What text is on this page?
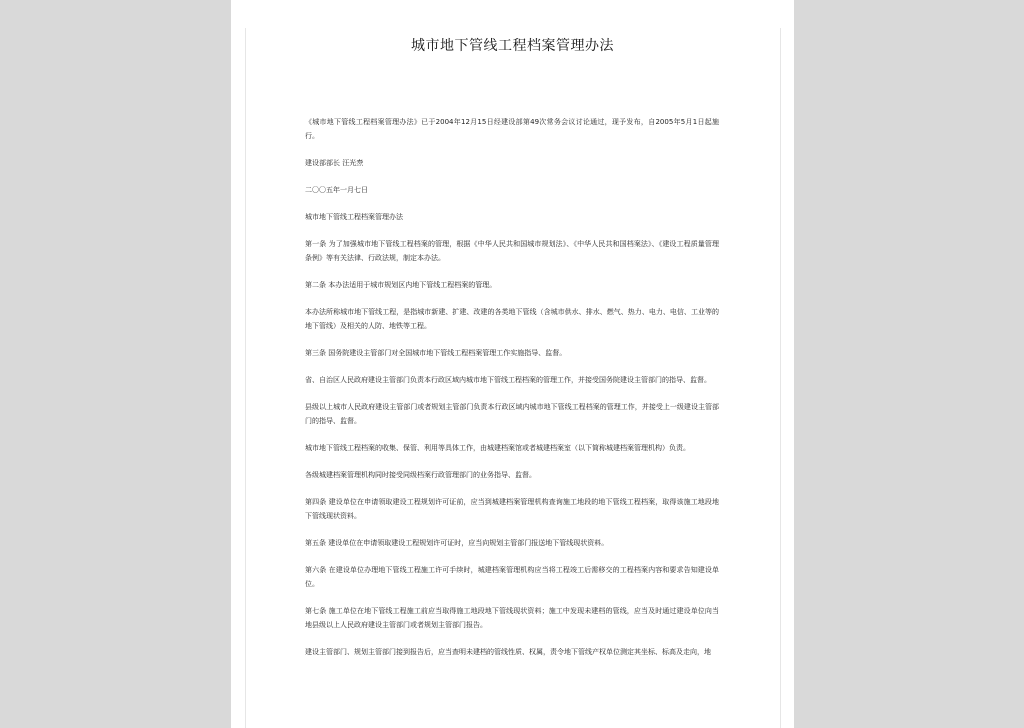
城市地下管线工程档案管理办法

《城市地下管线工程档案管理办法》已于2004年12月15日经建设部第49次常务会议讨论通过，现予发布，自2005年5月1日起施行。

建设部部长 汪光焘

二〇〇五年一月七日

城市地下管线工程档案管理办法

第一条 为了加强城市地下管线工程档案的管理，根据《中华人民共和国城市规划法》、《中华人民共和国档案法》、《建设工程质量管理条例》等有关法律、行政法规，制定本办法。

第二条 本办法适用于城市规划区内地下管线工程档案的管理。

本办法所称城市地下管线工程，是指城市新建、扩建、改建的各类地下管线（含城市供水、排水、燃气、热力、电力、电信、工业等的地下管线）及相关的人防、地铁等工程。

第三条 国务院建设主管部门对全国城市地下管线工程档案管理工作实施指导、监督。

省、自治区人民政府建设主管部门负责本行政区域内城市地下管线工程档案的管理工作，并接受国务院建设主管部门的指导、监督。

县级以上城市人民政府建设主管部门或者规划主管部门负责本行政区域内城市地下管线工程档案的管理工作，并接受上一级建设主管部门的指导、监督。

城市地下管线工程档案的收集、保管、利用等具体工作，由城建档案馆或者城建档案室（以下简称城建档案管理机构）负责。

各级城建档案管理机构同时接受同级档案行政管理部门的业务指导、监督。

第四条 建设单位在申请领取建设工程规划许可证前，应当到城建档案管理机构查询施工地段的地下管线工程档案，取得该施工地段地下管线现状资料。

第五条 建设单位在申请领取建设工程规划许可证时，应当向规划主管部门报送地下管线现状资料。

第六条 在建设单位办理地下管线工程施工许可手续时，城建档案管理机构应当将工程竣工后需移交的工程档案内容和要求告知建设单位。

第七条 施工单位在地下管线工程施工前应当取得施工地段地下管线现状资料；施工中发现未建档的管线，应当及时通过建设单位向当地县级以上人民政府建设主管部门或者规划主管部门报告。

建设主管部门、规划主管部门接到报告后，应当查明未建档的管线性质、权属，责令地下管线产权单位测定其坐标、标高及走向，地
